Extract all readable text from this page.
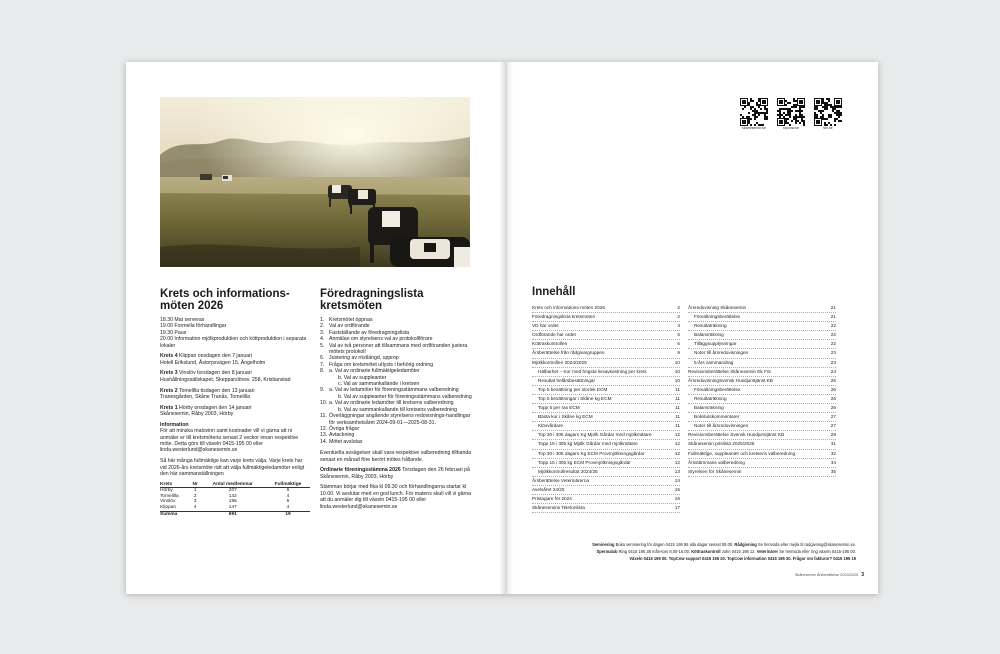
Krets och informations-
möten 2026

18.30 Mat serveras
19.00 Formella förhandlingar
19.30 Paus
20.00 Information mjölkproduktion och köttproduktion i separata lokaler

Krets 4 Klippan onsdagen den 7 januari
Hotell Erikslund, Åstorpsvägen 15, Ängelholm

Krets 3 Vinslöv torsdagen den 8 januari
Hushållningssällskapet, Skepparslövsv. 258, Kristianstad

Krets 2 Tomelilla tisdagen den 13 januari
Tranesgården, Skåne Tranås, Tomelilla

Krets 1 Hörby onsdagen den 14 januari
Skånesemin, Råby 2003, Hörby

Information
För att minska matsvinn samt kostnader vill vi gärna att ni anmäler er till kretsmöteria senast 2 veckor innan respektive möte. Detta görs till växeln 0415-195 00 eller linda.westerlund@skanesemin.se

Så här många fullmäktige kan varje krets välja. Varje krets har vid 2026-års kretsmöte rätt att välja fullmäktigeledamöter enligt den här sammanställningen

Krets	Nr	Antal medlemmar	Fullmäktige
Hörby	1	207	6
Tomelilla	2	142	4
Vinslöv	3	195	5
Klippan	4	147	4
Summa		691	19
Föredragningslista
kretsmöten
1. Kretsmötet öppnas
2. Val av ordförande
3. Fastställande av föredragningslista
4. Anmälan om styrelsens val av protokollförare
5. Val av två personer att tillsammans med ordföranden justera mötets protokoll
6. Justering av röstlängd, upprop
7. Fråga om kretsmötet utlysts i behörig ordning
8. a. Val av ordinarie fullmäktigeledamöter
b. Val av suppleanter
c. Val av sammankallande i kretsen
9. a. Val av ledamöter för föreningsstämmans valberedning
b. Val av suppleanter för föreningsstämmans valberedning
10. a. Val av ordinarie ledamöter till kretsens valberedning
b. Val av sammankallande till kretsens valberedning
11. Överläggningar angående styrelsens redovisnings-handlingar för verksamhetsåret 2024-09-01—2025-08-31.
12. Övriga frågor
13. Avtackning
14. Mötet avslutas

Eventuella avsägelser skall vara respektive valberedning tillhanda senast en månad före berört mötes hållande.

Ordinarie föreningsstämma 2026 Torsdagen den 26 februari på Skånesemin, Råby 2003, Hörby

Stämman börjar med fika kl 09.30 och förhandlingarna startar kl 10.00. Vi avslutar med en god lunch. För matens skull vill vi gärna att du anmäler dig till växeln 0415-195 00 eller linda.westerlund@skanesemin.se

skanesemin.se	topcow.se	shl.se
Innehåll
Krets och informations-möten 2026	2
Föredragningslista kretsmöten	2
VD har ordet	4
Ordförande har ordet	5
Köttraskontrollen	6
Årsberättelse från rådgivargruppen	9
Mjölkkontrollen 2024/2025	10
Hälbarhet – Kor med högsta livsavkastning per krets	10
Resultat helårsbesättningar	10
Top 5 besättning per storlek ECM	11
Top 5 besättningar i Skåne kg ECM	11
Topp 5 per ras ECM	11
Bästa kor i Skåne kg ECM	11
Klövvårdare	11
Top 30 i 305 dagars Kg Mjölk Gårdar med mjölkmätare	12
Topp 15 i 305 kg Mjölk Gårdar med mjölkmätare	12
Top 30 i 305 dagars Kg ECM Provmjölkningsgårdar	12
Topp 15 i 305 kg ECM Provmjölkningsgårdar	12
Mjölkkontrollresultat 2024/25	13
Årsberättelse Veterinärerna	14
Avelsåret 24/25	15
Pristagare för 2024	16
Skånesemins Telefonlista	17
Årsredovisning Skånesemin	21
Förvaltningsberättelse	21
Resultaträkning	22
Balansräkning	22
Tilläggsupplysningar	22
Noter till årsredovisningen	23
5-års sammandrag	23
Revisionsberättelse Skånesemin Ek För	24
ÅrsredovisningSvensk Husdjurstjänst KB	26
Förvaltningsberättelse	26
Resultaträkning	26
Balansräkning	26
Bokslutskommentarer	27
Noter till årsredovisningen	27
Revisionsberättelse Svensk Husdjurstjänst KB	28
Skånesemin prislista 2025/2026	31
Fullmäktige, suppleanter och kretsens valberedning	32
Årsstämmans valberedning	34
Styrelsen för Skånesemin	35
Seminering Boka seminering för dagen 0415 195 95 alla dagar senast 08.00. Rådgivning Se hemsida eller mejla til radgivning@skanesemin.se.
Spermalab Ring 0415 195 38 mån-tors 8.00-16.00. Köttraskontroll John 0415 195 12. Veterinärer Se hemsida eller ring växeln 0415-195 00.
Växeln 0415 195 00. TopCow support 0415 195 20. TopCow information 0415 195 30. Frågor om fakturor? 0415 195 19
Skånesemin Årsberättelse 2024/2025 3
